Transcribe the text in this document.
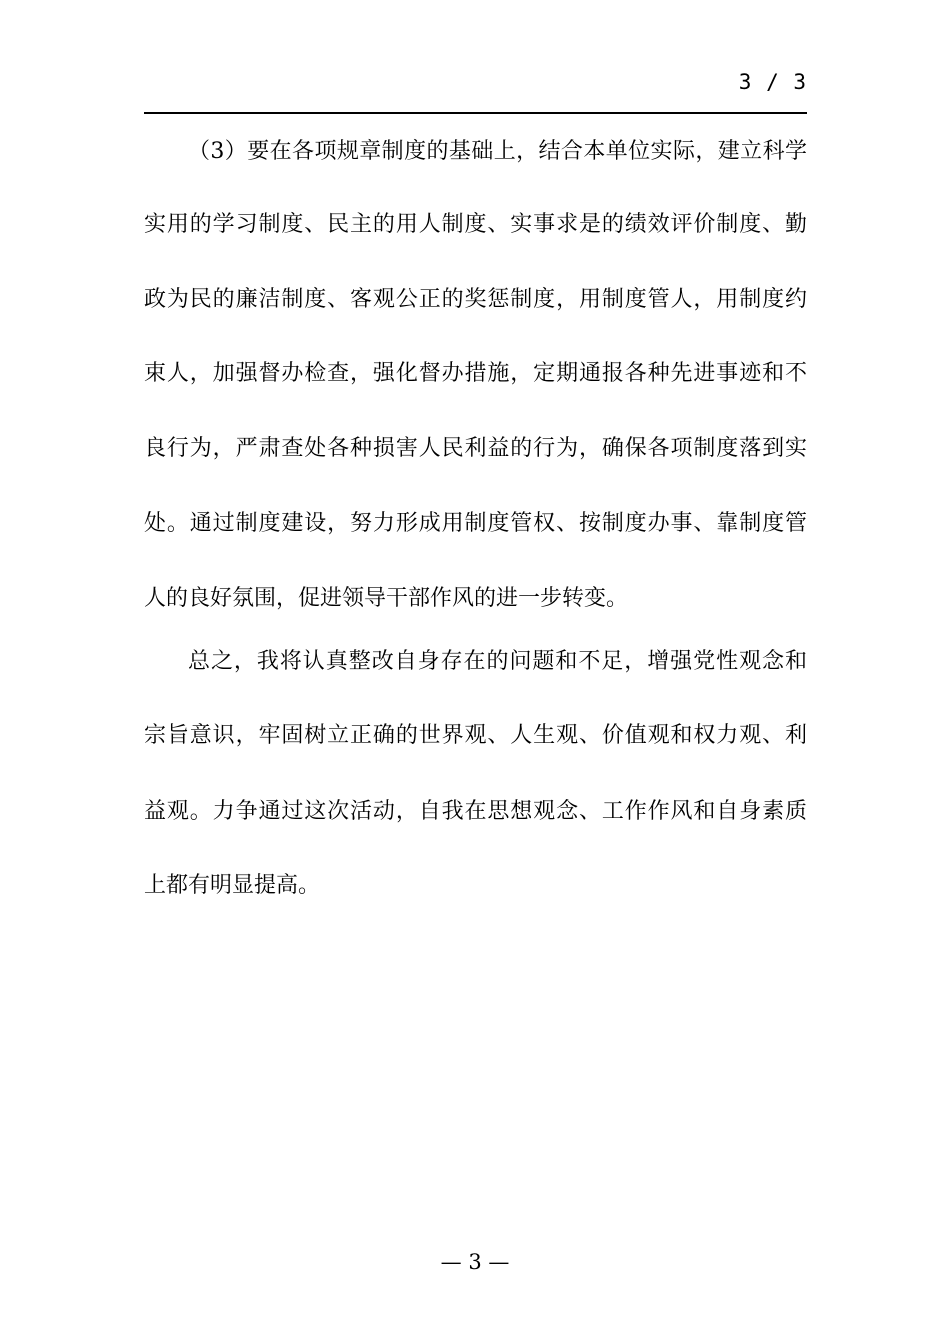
3 / 3
（3）要在各项规章制度的基础上，结合本单位实际，建立科学
实用的学习制度、民主的用人制度、实事求是的绩效评价制度、勤
政为民的廉洁制度、客观公正的奖惩制度，用制度管人，用制度约
束人，加强督办检查，强化督办措施，定期通报各种先进事迹和不
良行为，严肃查处各种损害人民利益的行为，确保各项制度落到实
处。通过制度建设，努力形成用制度管权、按制度办事、靠制度管
人的良好氛围，促进领导干部作风的进一步转变。
总之，我将认真整改自身存在的问题和不足，增强党性观念和
宗旨意识，牢固树立正确的世界观、人生观、价值观和权力观、利
益观。力争通过这次活动，自我在思想观念、工作作风和自身素质
上都有明显提高。
— 3 —
